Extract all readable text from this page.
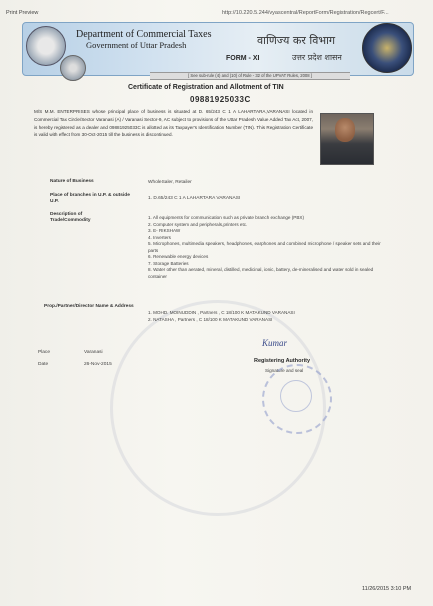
Print Preview	http://10.220.5.244/vyascentral/ReportForm/Registration/Regcert/F...
Department of Commercial Taxes
Government of Uttar Pradesh	वाणिज्य कर विभाग
उत्तर प्रदेश शासन
FORM - XI
[ See sub-rule (4) and (10) of Rule - 32 of the UPVAT Rules, 2008 ]
Certificate of Registration and Allotment of TIN
09881925033C
M/S M.M. ENTERPRISES whose principal place of business is situated at D. 65/243 C 1 A LAHARTARA,VARANASI located in Commercial Tax Circle/Sector Varanasi (A) / Varanasi Sector-9, AC subject to provisions of the Uttar Pradesh Value Added Tax Act, 2007, is hereby registered as a dealer and 09881925033C is allotted as its Taxpayer's Identification Number (TIN). This Registration Certificate is valid with effect from 30-Oct-2015 till the business is discontinued.
Nature of Business	WholeSaler, Retailer
Place of branches in U.P. & outside U.P.
1. D.65/243 C 1 A LAHARTARA VARANASI
Description of Trade/Commodity
1. All equipments for communication such as private branch exchange (PBX)
2. Computer system and peripherals,printers etc.
3. E- RIKSHAW
4. Inverters
5. Microphones, multimedia speakers, headphones, earphones and combined microphone / speaker sets and their parts
6. Renewable energy devices
7. Storage Batteries
8. Water other than aerated, mineral, distilled, medicinal, ionic, battery, de-mineralised and water sold in sealed container
Prop./Partner/Director Name & Address
1. MOHD. MOINUDDIN , Partners , C 18/100 K MATAKUND VARANASI
2. NATASHA , Partners , C 18/100 K MATAKUND VARANASI
Place	Varanasi
Date	26-Nov-2015
Kumar
Registering Authority
Signature and seal
11/26/2015 3:10 PM
